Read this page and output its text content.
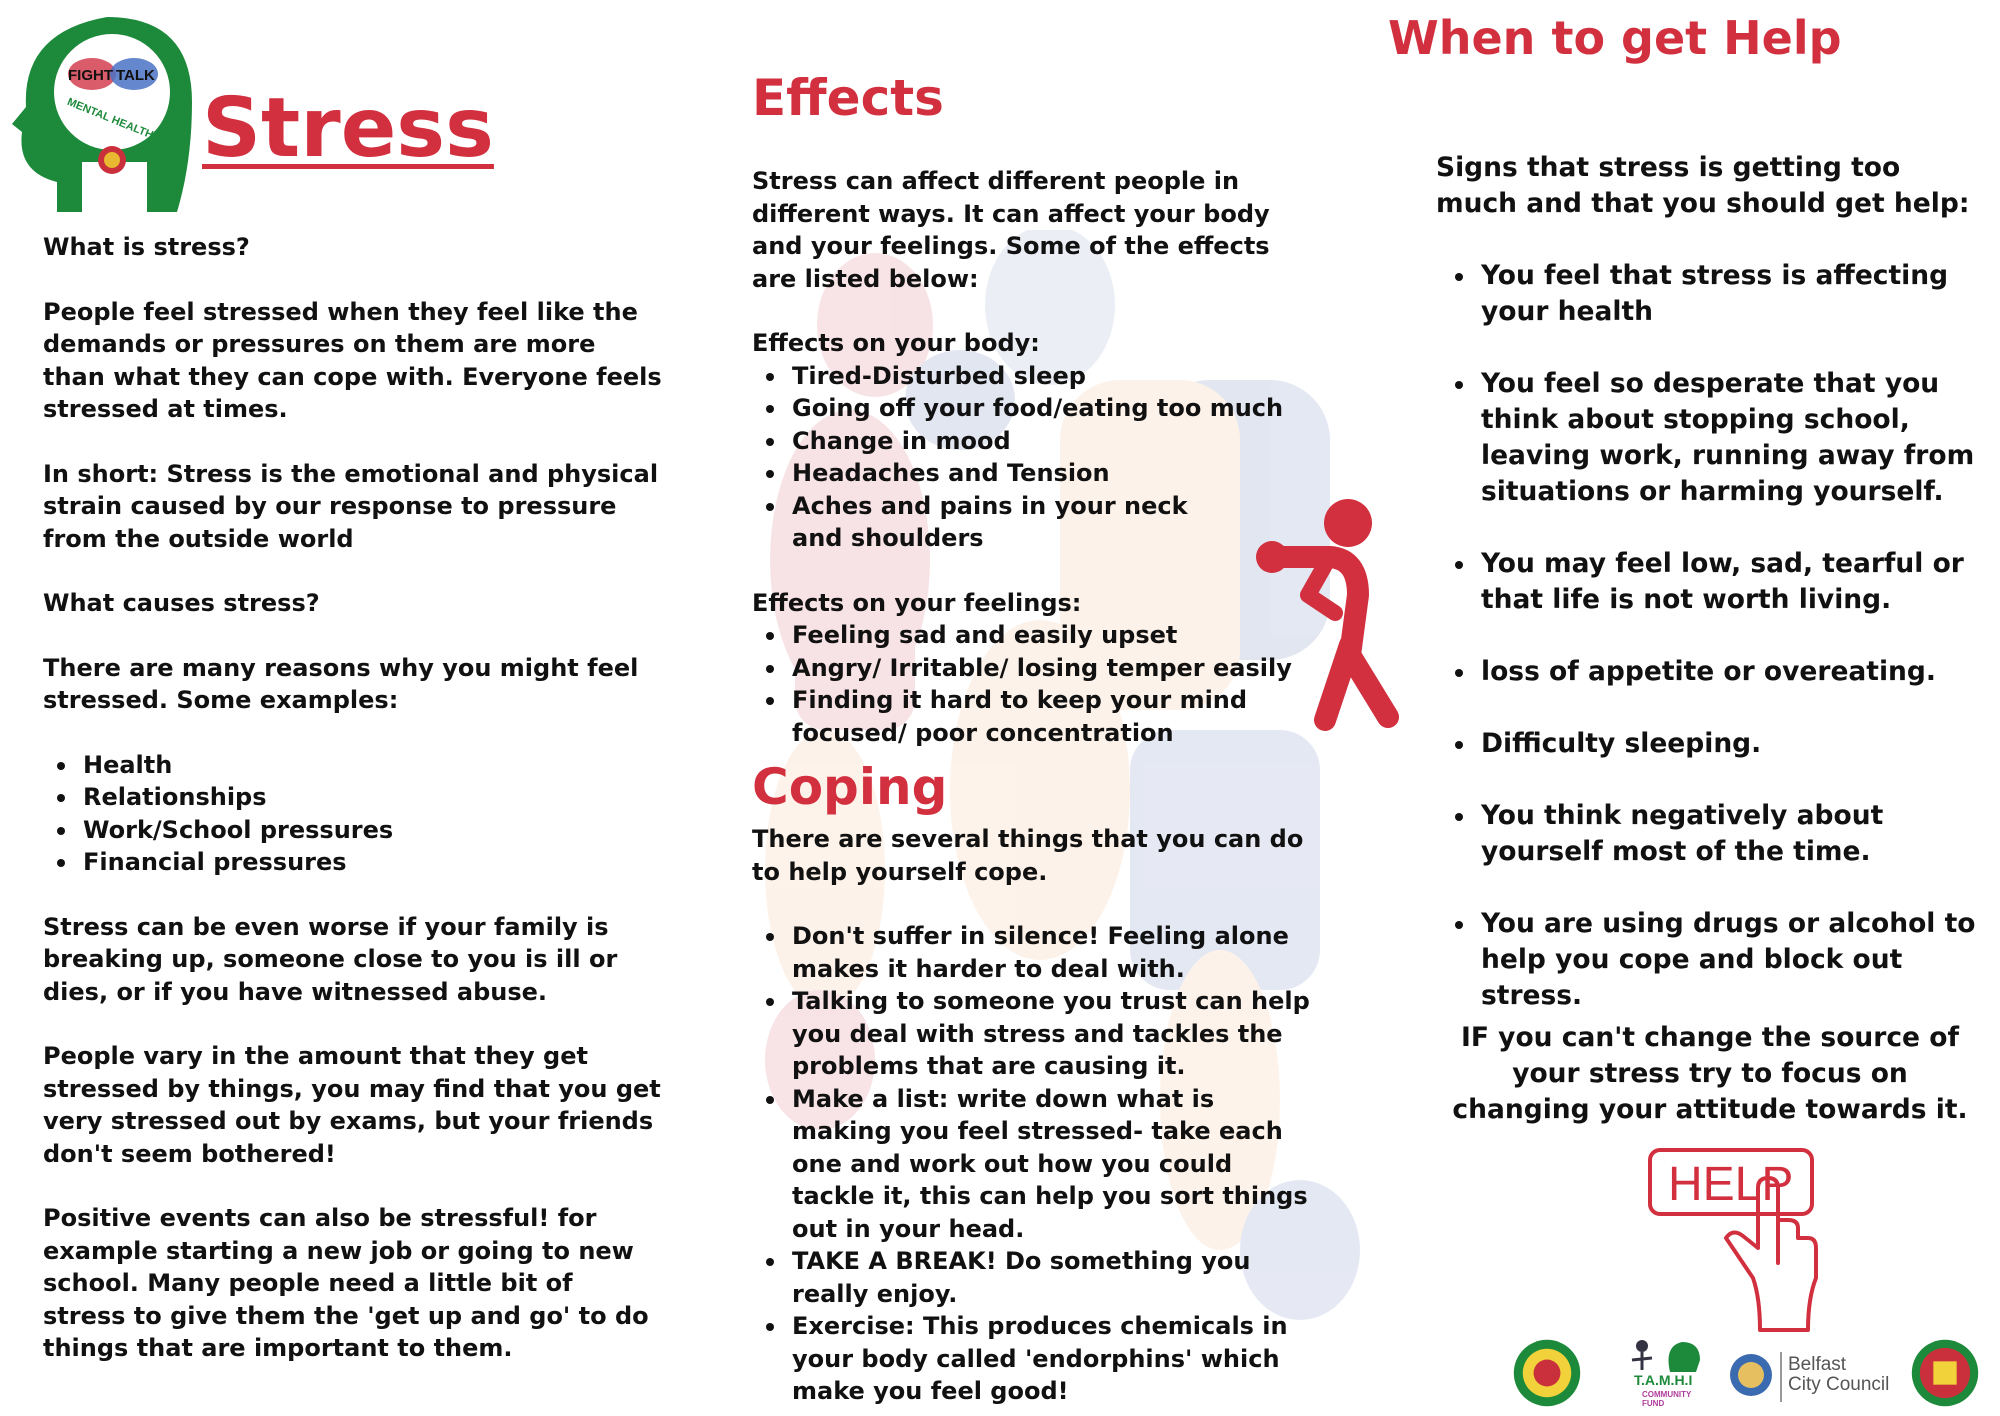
FIGHT TALK
MENTAL HEALTH Stress

What is stress?

People feel stressed when they feel like the demands or pressures on them are more than what they can cope with. Everyone feels stressed at times.

In short: Stress is the emotional and physical strain caused by our response to pressure from the outside world

What causes stress?

There are many reasons why you might feel stressed. Some examples:

Health
Relationships
Work/School pressures
Financial pressures

Stress can be even worse if your family is breaking up, someone close to you is ill or dies, or if you have witnessed abuse.

People vary in the amount that they get stressed by things, you may find that you get very stressed out by exams, but your friends don't seem bothered!

Positive events can also be stressful! for example starting a new job or going to new school. Many people need a little bit of stress to give them the 'get up and go' to do things that are important to them.

Effects

Stress can affect different people in different ways. It can affect your body and your feelings. Some of the effects are listed below:

Effects on your body:

Tired-Disturbed sleep
Going off your food/eating too much
Change in mood
Headaches and Tension
Aches and pains in your neck and shoulders

Effects on your feelings:

Feeling sad and easily upset
Angry/ Irritable/ losing temper easily
Finding it hard to keep your mind focused/ poor concentration
Coping

There are several things that you can do to help yourself cope.

Don't suffer in silence! Feeling alone makes it harder to deal with.
Talking to someone you trust can help you deal with stress and tackles the problems that are causing it.
Make a list: write down what is making you feel stressed- take each one and work out how you could tackle it, this can help you sort things out in your head.
TAKE A BREAK! Do something you really enjoy.
Exercise: This produces chemicals in your body called 'endorphins' which make you feel good!
When to get Help

Signs that stress is getting too much and that you should get help:

You feel that stress is affecting your health
You feel so desperate that you think about stopping school, leaving work, running away from situations or harming yourself.
You may feel low, sad, tearful or that life is not worth living.
loss of appetite or overeating.
Difficulty sleeping.
You think negatively about yourself most of the time.
You are using drugs or alcohol to help you cope and block out stress.
IF you can't change the source of your stress try to focus on changing your attitude towards it.
HELP
T.A.M.H.I
COMMUNITY
FUND
Belfast
City Council
